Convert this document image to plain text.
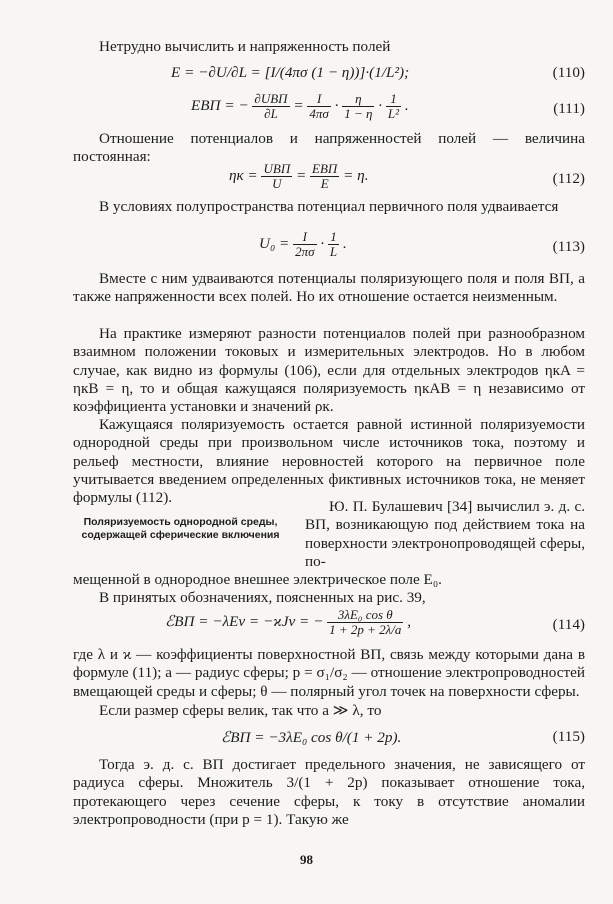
Нетрудно вычислить и напряженность полей
E = −∂U/∂L = [I/(4πσ (1 − η))]·(1/L²);	(110)
EВП = − $\frac{\text{∂UВП}}{\partial L} = \frac{I}{4\pi\sigma} \cdot \frac{\eta}{1 - \eta} \cdot \frac{1}{\text{L²}}$ .	(111)
Отношение потенциалов и напряженностей полей — величина постоянная:
$\eta к = \frac{\text{UВП}}{U} = \frac{\text{EВП}}{E} = \eta$.	(112)
В условиях полупространства потенциал первичного поля удваивается
$U_0 = \frac{I}{2\pi\sigma} \cdot \frac{1}{L}$ .	(113)
Вместе с ним удваиваются потенциалы поляризующего поля и поля ВП, а также напряженности всех полей. Но их отношение остается неизменным.
На практике измеряют разности потенциалов полей при разнообразном взаимном положении токовых и измерительных электродов. Но в любом случае, как видно из формулы (106), если для отдельных электродов ηкA = ηкB = η, то и общая кажущаяся поляризуемость ηкAB = η независимо от коэффициента установки и значений ρк.
Кажущаяся поляризуемость остается равной истинной поляризуемости однородной среды при произвольном числе источников тока, поэтому и рельеф местности, влияние неровностей которого на первичное поле учитывается введением определенных фиктивных источников тока, не меняет формулы (112).
Поляризуемость однородной среды, содержащей сферические включения
Ю. П. Булашевич [34] вычислил э. д. с. ВП, возникающую под действием тока на поверхности электронопроводящей сферы, по-
мещенной в однородное внешнее электрическое поле E₀.
В принятых обозначениях, поясненных на рис. 39,
ℰВП = −λEν = −ϰJν = − $\frac{\text{3λE₀ cos θ}}{1 + 2p + 2\lambda/a}$ ,	(114)
где λ и ϰ — коэффициенты поверхностной ВП, связь между которыми дана в формуле (11); a — радиус сферы; p = σ₁/σ₂ — отношение электропроводностей вмещающей среды и сферы; θ — полярный угол точек на поверхности сферы.
Если размер сферы велик, так что a ≫ λ, то
ℰВП = −3λE₀ cos θ/(1 + 2p).	(115)
Тогда э. д. с. ВП достигает предельного значения, не зависящего от радиуса сферы. Множитель 3/(1 + 2p) показывает отношение тока, протекающего через сечение сферы, к току в отсутствие аномалии электропроводности (при p = 1). Такую же
98
